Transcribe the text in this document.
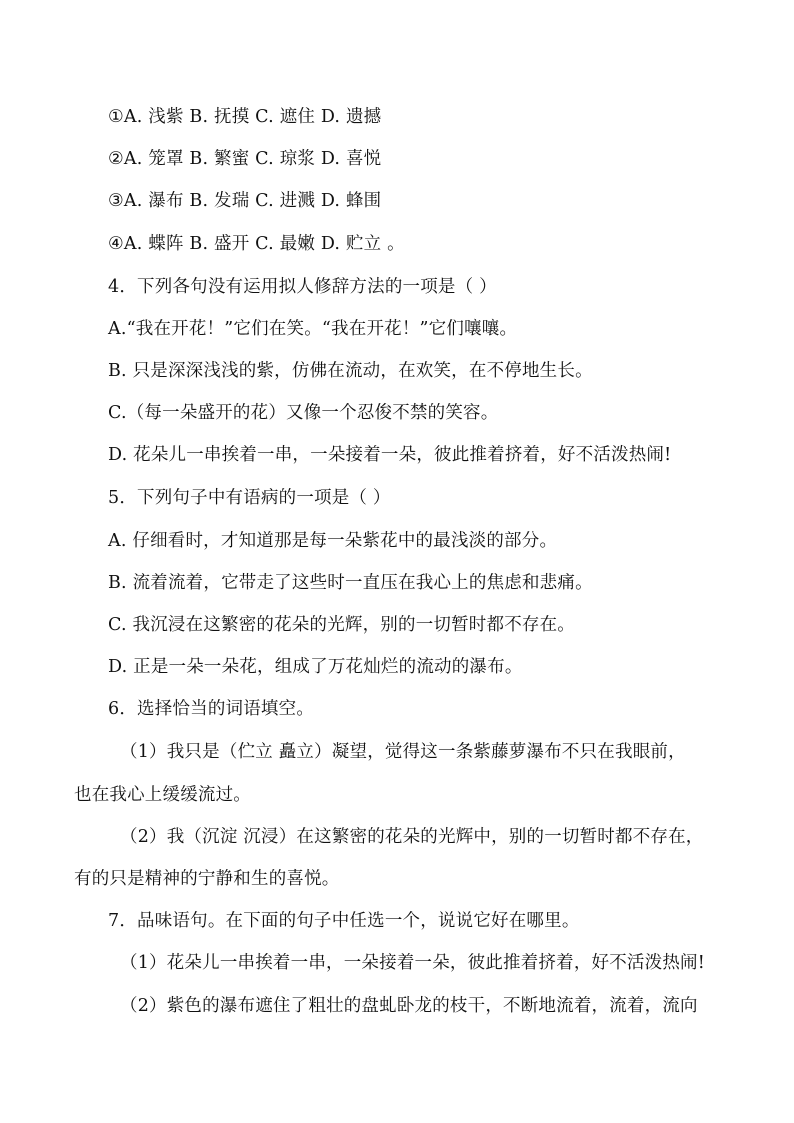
①A. 浅紫 B. 抚摸 C. 遮住 D. 遗撼
②A. 笼罩 B. 繁蜜 C. 琼浆 D. 喜悦
③A. 瀑布 B. 发瑞 C. 进溅 D. 蜂围
④A. 蝶阵 B. 盛开 C. 最嫩 D. 贮立 。
4．下列各句没有运用拟人修辞方法的一项是（ ）
A.“我在开花！”它们在笑。“我在开花！”它们嚷嚷。
B. 只是深深浅浅的紫，仿佛在流动，在欢笑，在不停地生长。
C.（每一朵盛开的花）又像一个忍俊不禁的笑容。
D. 花朵儿一串挨着一串，一朵接着一朵，彼此推着挤着，好不活泼热闹!
5．下列句子中有语病的一项是（ ）
A. 仔细看时，才知道那是每一朵紫花中的最浅淡的部分。
B. 流着流着，它带走了这些时一直压在我心上的焦虑和悲痛。
C. 我沉浸在这繁密的花朵的光辉，别的一切暂时都不存在。
D. 正是一朵一朵花，组成了万花灿烂的流动的瀑布。
6．选择恰当的词语填空。
（1）我只是（伫立 矗立）凝望，觉得这一条紫藤萝瀑布不只在我眼前，
也在我心上缓缓流过。
（2）我（沉淀 沉浸）在这繁密的花朵的光辉中，别的一切暂时都不存在，
有的只是精神的宁静和生的喜悦。
7．品味语句。在下面的句子中任选一个，说说它好在哪里。
（1）花朵儿一串挨着一串，一朵接着一朵，彼此推着挤着，好不活泼热闹!
（2）紫色的瀑布遮住了粗壮的盘虬卧龙的枝干，不断地流着，流着，流向
